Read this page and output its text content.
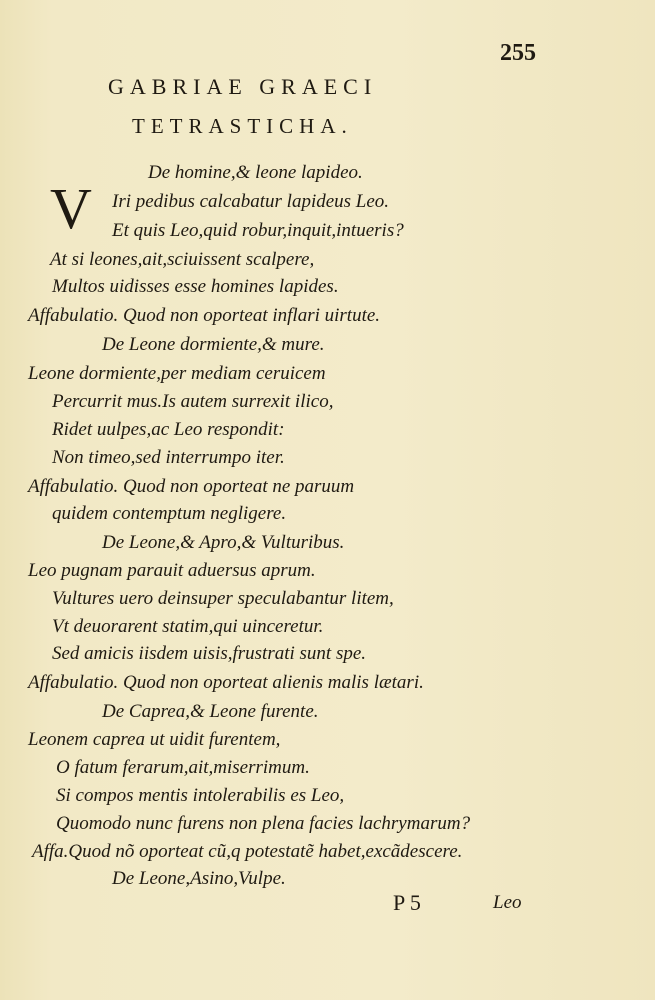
255
GABRIAE GRAECI
TETRASTICHA.
V
De homine,& leone lapideo.
Iri pedibus calcabatur lapideus Leo.
Et quis Leo,quid robur,inquit,intueris?
At si leones,ait,sciuissent scalpere,
Multos uidisses esse homines lapides.
Affabulatio. Quod non oporteat inflari uirtute.
De Leone dormiente,& mure.
Leone dormiente,per mediam ceruicem
Percurrit mus.Is autem surrexit ilico,
Ridet uulpes,ac Leo respondit:
Non timeo,sed interrumpo iter.
Affabulatio. Quod non oporteat ne paruum
quidem contemptum negligere.
De Leone,& Apro,& Vulturibus.
Leo pugnam parauit aduersus aprum.
Vultures uero deinsuper speculabantur litem,
Vt deuorarent statim,qui uinceretur.
Sed amicis iisdem uisis,frustrati sunt spe.
Affabulatio. Quod non oporteat alienis malis lætari.
De Caprea,& Leone furente.
Leonem caprea ut uidit furentem,
O fatum ferarum,ait,miserrimum.
Si compos mentis intolerabilis es Leo,
Quomodo nunc furens non plena facies lachrymarum?
Affa.Quod nõ oporteat cũ,q potestatẽ habet,excãdescere.
De Leone,Asino,Vulpe.
P 5	Leo
